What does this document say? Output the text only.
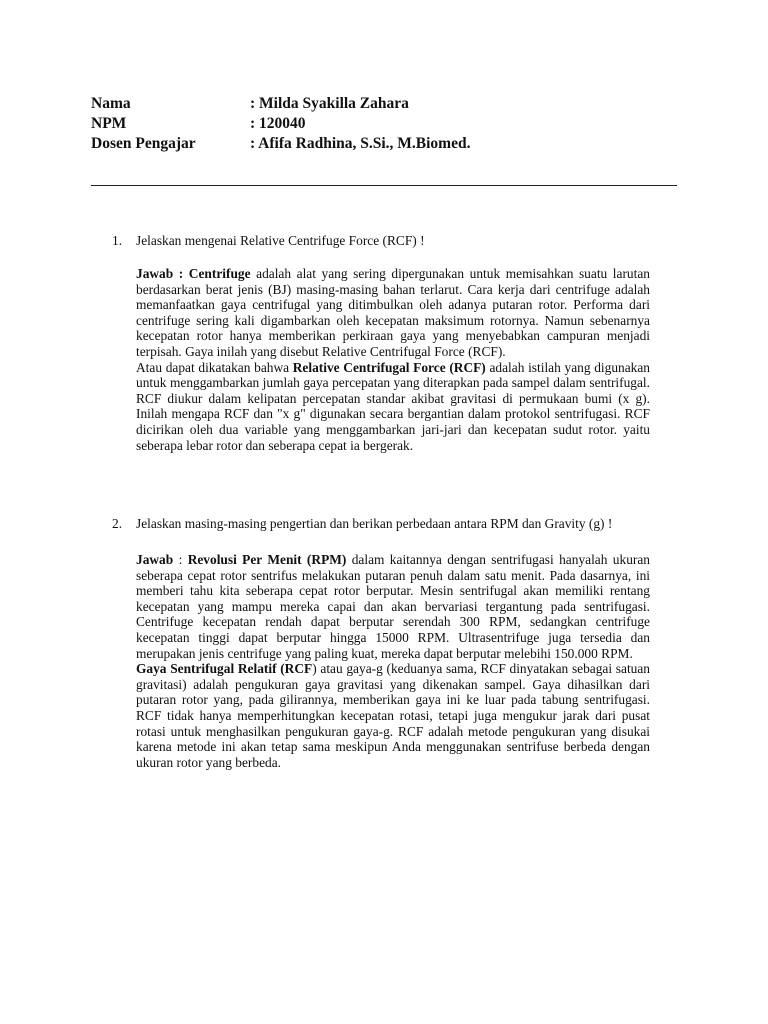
Nama	: Milda Syakilla Zahara
NPM	: 120040
Dosen Pengajar	: Afifa Radhina, S.Si., M.Biomed.
1. Jelaskan mengenai Relative Centrifuge Force (RCF) !

Jawab : Centrifuge adalah alat yang sering dipergunakan untuk memisahkan suatu larutan berdasarkan berat jenis (BJ) masing-masing bahan terlarut. Cara kerja dari centrifuge adalah memanfaatkan gaya centrifugal yang ditimbulkan oleh adanya putaran rotor. Performa dari centrifuge sering kali digambarkan oleh kecepatan maksimum rotornya. Namun sebenarnya kecepatan rotor hanya memberikan perkiraan gaya yang menyebabkan campuran menjadi terpisah. Gaya inilah yang disebut Relative Centrifugal Force (RCF).

Atau dapat dikatakan bahwa Relative Centrifugal Force (RCF) adalah istilah yang digunakan untuk menggambarkan jumlah gaya percepatan yang diterapkan pada sampel dalam sentrifugal. RCF diukur dalam kelipatan percepatan standar akibat gravitasi di permukaan bumi (x g). Inilah mengapa RCF dan "x g" digunakan secara bergantian dalam protokol sentrifugasi. RCF dicirikan oleh dua variable yang menggambarkan jari-jari dan kecepatan sudut rotor. yaitu seberapa lebar rotor dan seberapa cepat ia bergerak.

2. Jelaskan masing-masing pengertian dan berikan perbedaan antara RPM dan Gravity (g) !

Jawab : Revolusi Per Menit (RPM) dalam kaitannya dengan sentrifugasi hanyalah ukuran seberapa cepat rotor sentrifus melakukan putaran penuh dalam satu menit. Pada dasarnya, ini memberi tahu kita seberapa cepat rotor berputar. Mesin sentrifugal akan memiliki rentang kecepatan yang mampu mereka capai dan akan bervariasi tergantung pada sentrifugasi. Centrifuge kecepatan rendah dapat berputar serendah 300 RPM, sedangkan centrifuge kecepatan tinggi dapat berputar hingga 15000 RPM. Ultrasentrifuge juga tersedia dan merupakan jenis centrifuge yang paling kuat, mereka dapat berputar melebihi 150.000 RPM.

Gaya Sentrifugal Relatif (RCF) atau gaya-g (keduanya sama, RCF dinyatakan sebagai satuan gravitasi) adalah pengukuran gaya gravitasi yang dikenakan sampel. Gaya dihasilkan dari putaran rotor yang, pada gilirannya, memberikan gaya ini ke luar pada tabung sentrifugasi. RCF tidak hanya memperhitungkan kecepatan rotasi, tetapi juga mengukur jarak dari pusat rotasi untuk menghasilkan pengukuran gaya-g. RCF adalah metode pengukuran yang disukai karena metode ini akan tetap sama meskipun Anda menggunakan sentrifuse berbeda dengan ukuran rotor yang berbeda.
